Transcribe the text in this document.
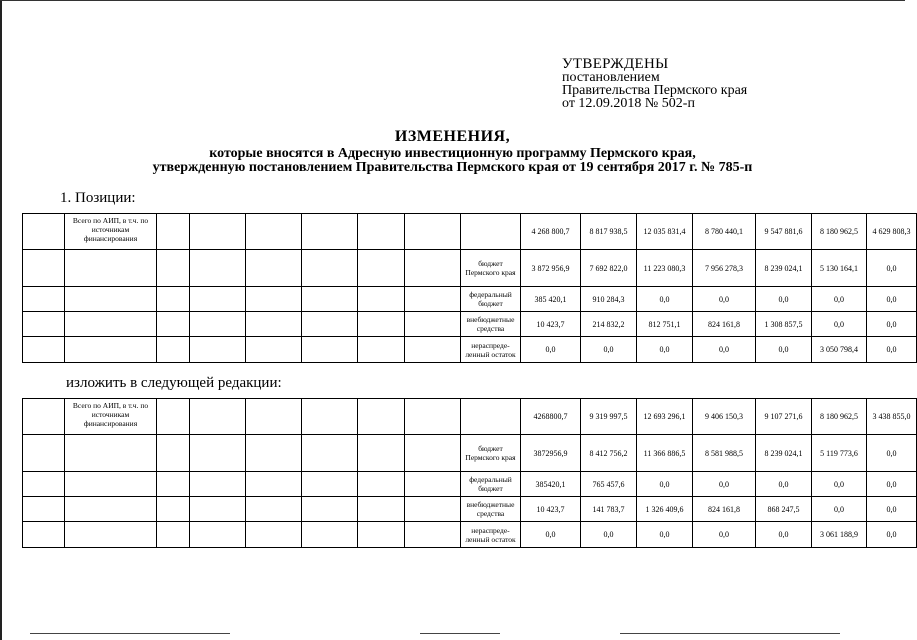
УТВЕРЖДЕНЫ
постановлением
Правительства Пермского края
от 12.09.2018 № 502-п
ИЗМЕНЕНИЯ,
которые вносятся в Адресную инвестиционную программу Пермского края,
утвержденную постановлением Правительства Пермского края от 19 сентября 2017 г. № 785-п
1. Позиции:
	Всего по АИП, в т.ч. по источникам финансирования								4 268 800,7	8 817 938,5	12 035 831,4	8 780 440,1	9 547 881,6	8 180 962,5	4 629 808,3
								бюджет Пермского края	3 872 956,9	7 692 822,0	11 223 080,3	7 956 278,3	8 239 024,1	5 130 164,1	0,0
								федеральный бюджет	385 420,1	910 284,3	0,0	0,0	0,0	0,0	0,0
								внебюджетные средства	10 423,7	214 832,2	812 751,1	824 161,8	1 308 857,5	0,0	0,0
								нераспреде-ленный остаток	0,0	0,0	0,0	0,0	0,0	3 050 798,4	0,0
изложить в следующей редакции:
	Всего по АИП, в т.ч. по источникам финансирования								4268800,7	9 319 997,5	12 693 296,1	9 406 150,3	9 107 271,6	8 180 962,5	3 438 855,0
								бюджет Пермского края	3872956,9	8 412 756,2	11 366 886,5	8 581 988,5	8 239 024,1	5 119 773,6	0,0
								федеральный бюджет	385420,1	765 457,6	0,0	0,0	0,0	0,0	0,0
								внебюджетные средства	10 423,7	141 783,7	1 326 409,6	824 161,8	868 247,5	0,0	0,0
								нераспреде-ленный остаток	0,0	0,0	0,0	0,0	0,0	3 061 188,9	0,0
